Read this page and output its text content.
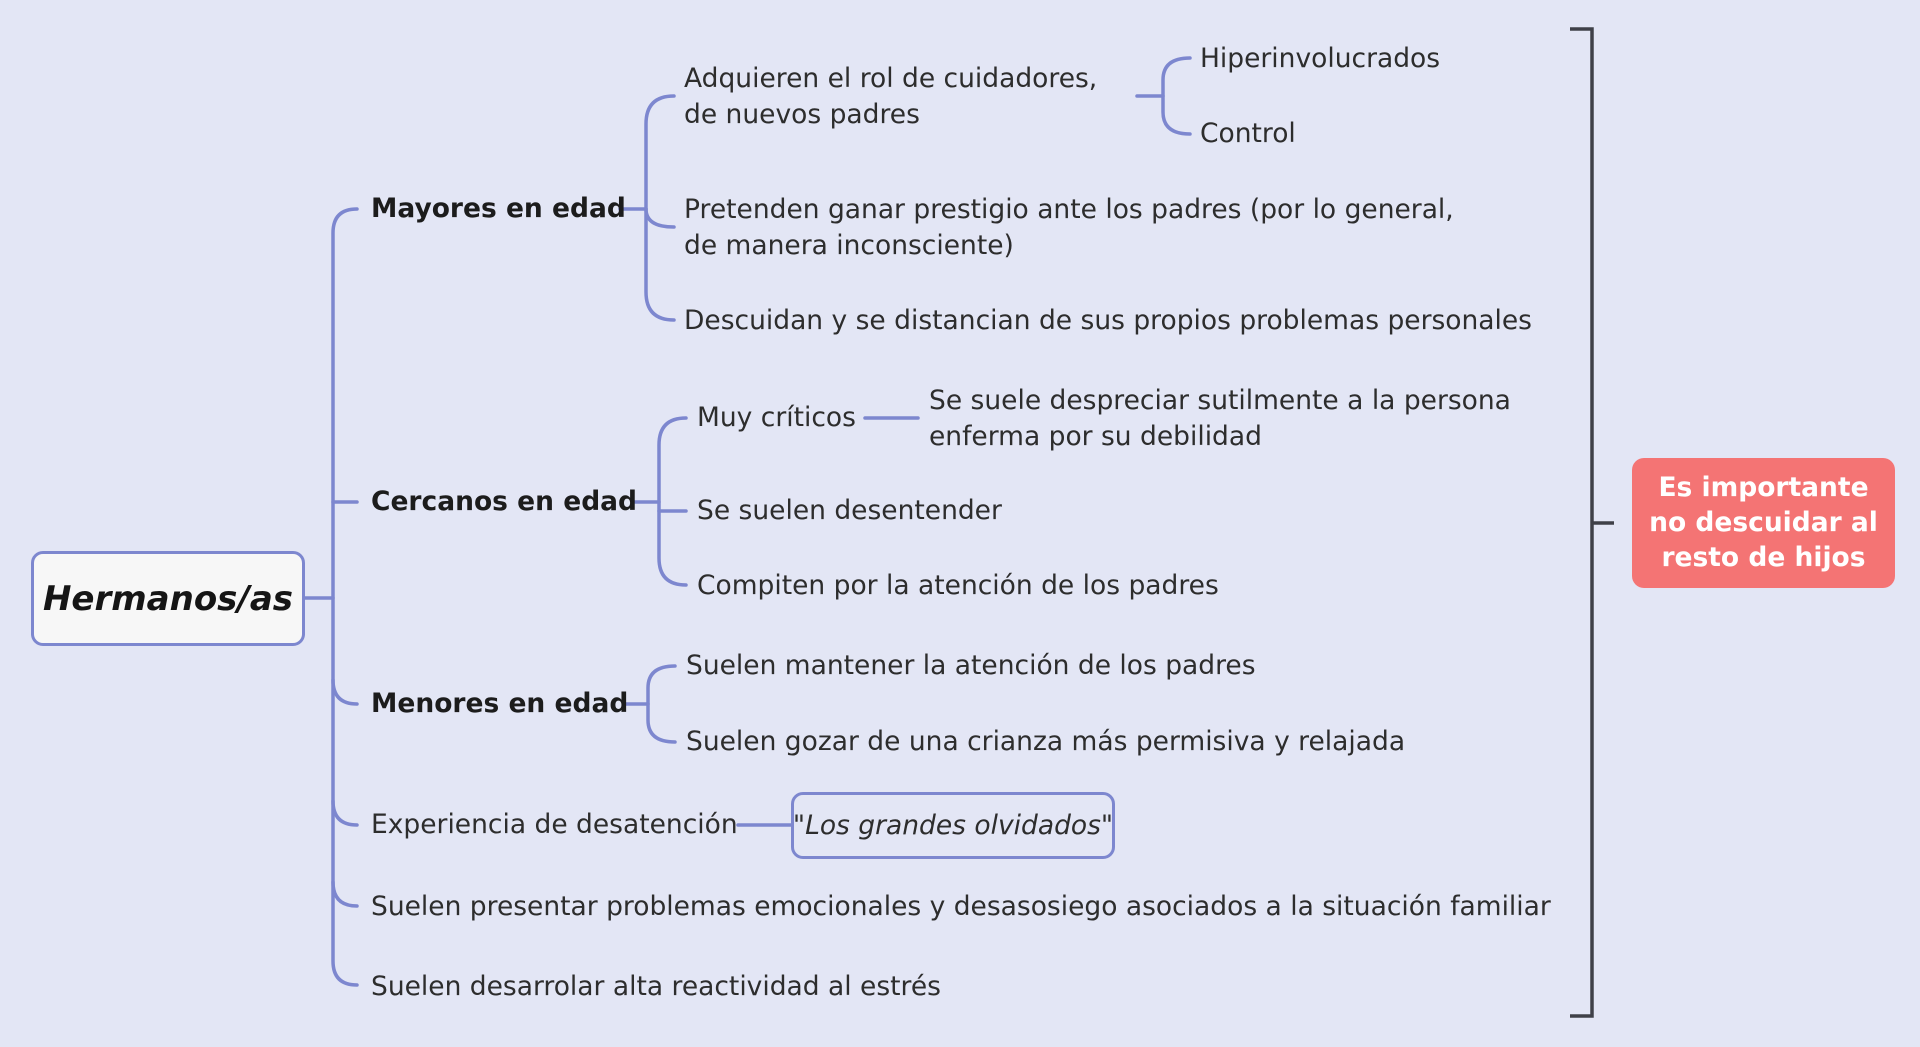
Hermanos/as
Mayores en edad
Adquieren el rol de cuidadores,
de nuevos padres
Hiperinvolucrados
Control
Pretenden ganar prestigio ante los padres (por lo general,
de manera inconsciente)
Descuidan y se distancian de sus propios problemas personales
Cercanos en edad
Muy críticos
Se suele despreciar sutilmente a la persona
enferma por su debilidad
Se suelen desentender
Compiten por la atención de los padres
Menores en edad
Suelen mantener la atención de los padres
Suelen gozar de una crianza más permisiva y relajada
Experiencia de desatención "Los grandes olvidados"
Suelen presentar problemas emocionales y desasosiego asociados a la situación familiar
Suelen desarrolar alta reactividad al estrés
Es importante
no descuidar al
resto de hijos
